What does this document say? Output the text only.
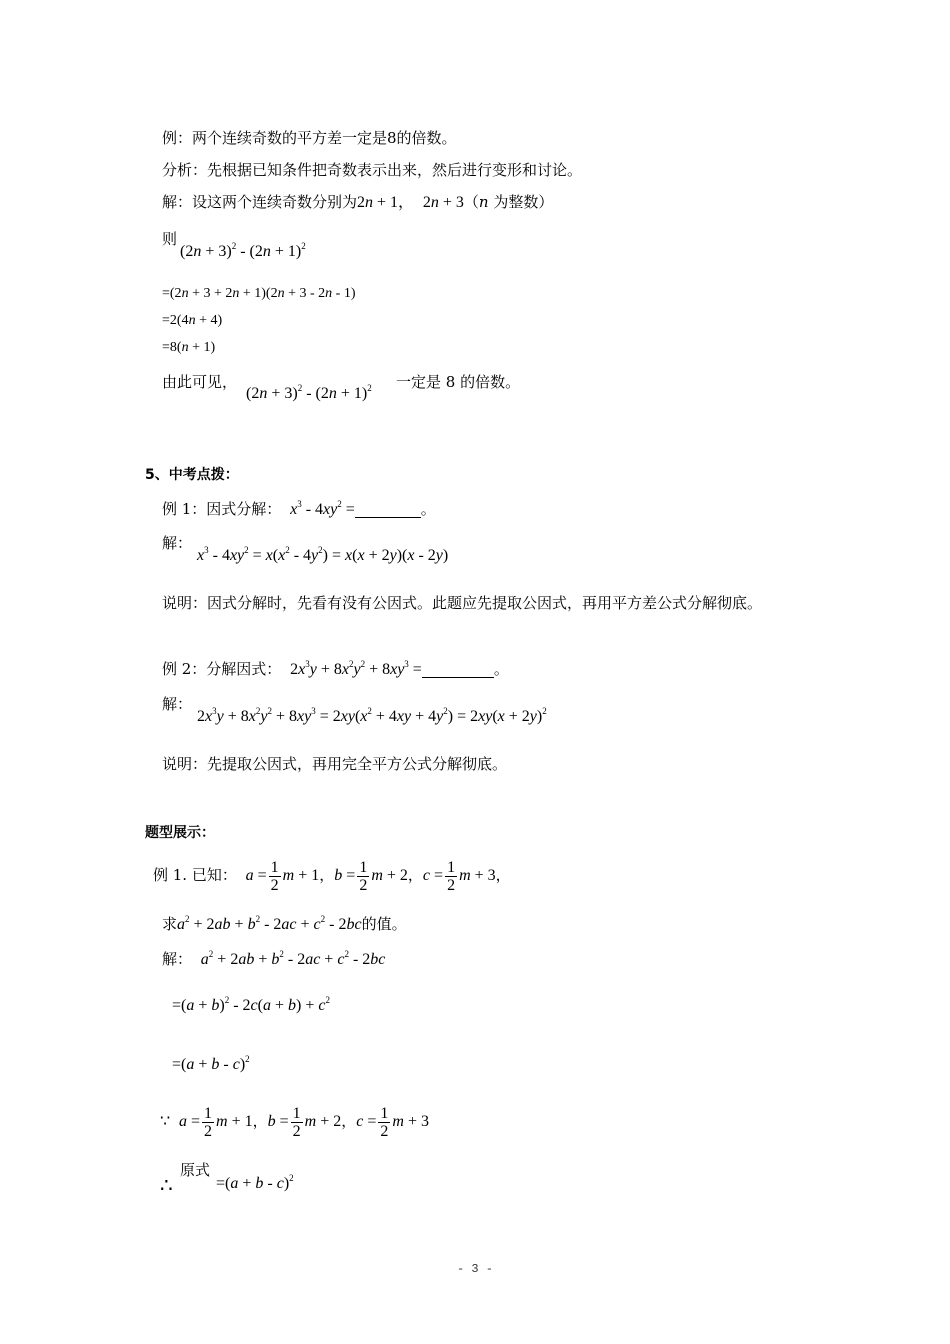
例：两个连续奇数的平方差一定是8的倍数。
分析：先根据已知条件把奇数表示出来，然后进行变形和讨论。
解：设这两个连续奇数分别为2n + 1，  2n + 3（n 为整数）
则
$(2n + 3)^2 - (2n + 1)^2$
=(2n + 3 + 2n + 1)(2n + 3 - 2n - 1)
=2(4n + 4)
=8(n + 1)
由此可见，
$(2n + 3)^2 - (2n + 1)^2$ 一定是 8 的倍数。
5、中考点拨：
例 1：因式分解： $x^3 - 4xy^2$ =	。
解：
$x^3 - 4xy^2 = x(x^2 - 4y^2) = x(x + 2y)(x - 2y)$
说明：因式分解时，先看有没有公因式。此题应先提取公因式，再用平方差公式分解彻底。
例 2：分解因式：  $2x^3y + 8x^2y^2 + 8xy^3$ =	。
解：
$2x^3y + 8x^2y^2 + 8xy^3 = 2xy(x^2 + 4xy + 4y^2) = 2xy(x + 2y)^2$
说明：先提取公因式，再用完全平方公式分解彻底。
题型展示：
例 1. 已知： $a = \frac{1}{2}$ m + 1，$b = \frac{1}{2}$ m + 2，$c = \frac{1}{2}$ m + 3，
求$a^2 + 2ab + b^2 - 2ac + c^2 - 2bc$的值。
解： $a^2 + 2ab + b^2 - 2ac + c^2 - 2bc$
$=(a + b)^2 - 2c(a + b) + c^2$
$=(a + b - c)^2$
∵ $a = \frac{1}{2}$ m + 1，$b = \frac{1}{2}$ m + 2，$c = \frac{1}{2}$ m + 3
∴
原式
$=(a + b - c)^2$
- 3 -
